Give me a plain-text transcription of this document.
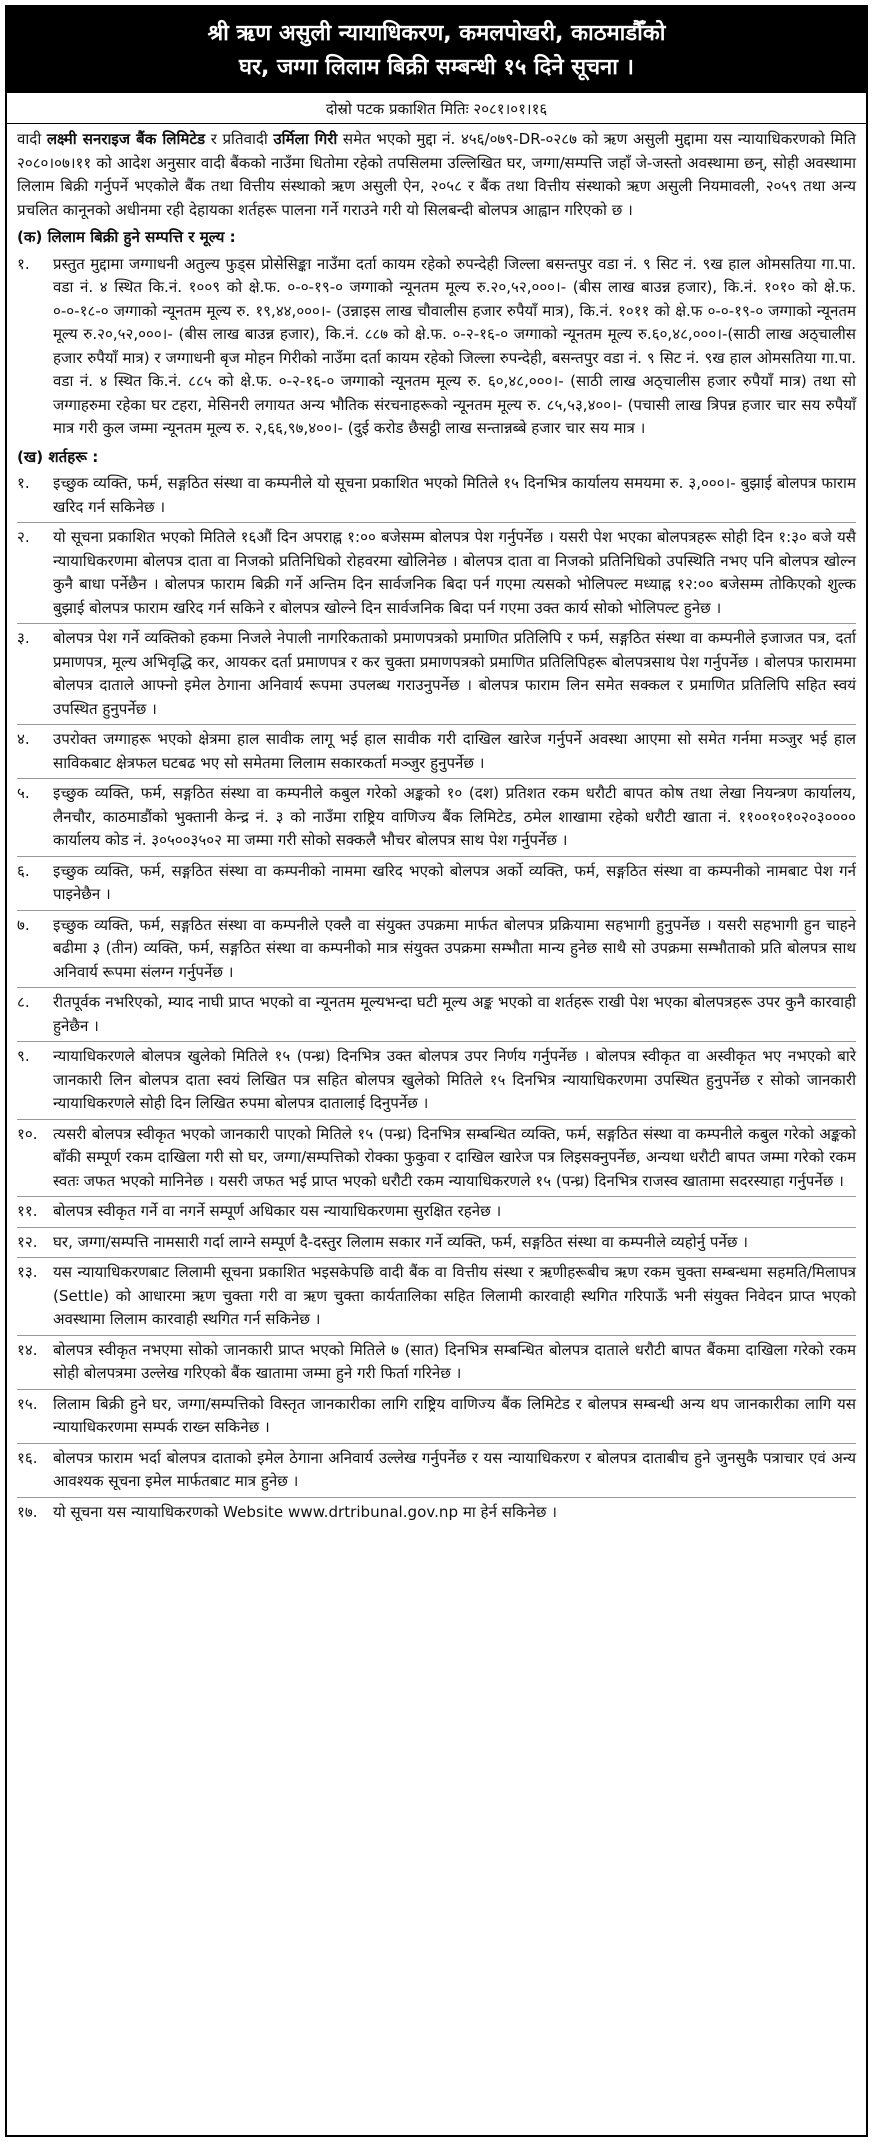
श्री ऋण असुली न्यायाधिकरण, कमलपोखरी, काठमाडौँको
घर, जग्गा लिलाम बिक्री सम्बन्धी १५ दिने सूचना ।
दोस्रो पटक प्रकाशित मितिः २०८१।०१।१६

वादी लक्ष्मी सनराइज बैंक लिमिटेड र प्रतिवादी उर्मिला गिरी समेत भएको मुद्दा नं. ४५६/०७९-DR-०२८७ को ऋण असुली मुद्दामा यस न्यायाधिकरणको मिति २०८०।०७।११ को आदेश अनुसार वादी बैंकको नाउँमा धितोमा रहेको तपसिलमा उल्लिखित घर, जग्गा/सम्पत्ति जहाँ जे-जस्तो अवस्थामा छन्, सोही अवस्थामा लिलाम बिक्री गर्नुपर्ने भएकोले बैंक तथा वित्तीय संस्थाको ऋण असुली ऐन, २०५८ र बैंक तथा वित्तीय संस्थाको ऋण असुली नियमावली, २०५९ तथा अन्य प्रचलित कानूनको अधीनमा रही देहायका शर्तहरू पालना गर्ने गराउने गरी यो सिलबन्दी बोलपत्र आह्वान गरिएको छ ।

(क) लिलाम बिक्री हुने सम्पत्ति र मूल्य :
१.	प्रस्तुत मुद्दामा जग्गाधनी अतुल्य फुड्स प्रोसेसिङ्का नाउँमा दर्ता कायम रहेको रुपन्देही जिल्ला बसन्तपुर वडा नं. ९ सिट नं. ९ख हाल ओमसतिया गा.पा. वडा नं. ४ स्थित कि.नं. १००९ को क्षे.फ. ०-०-१९-० जग्गाको न्यूनतम मूल्य रु.२०,५२,०००।- (बीस लाख बाउन्न हजार), कि.नं. १०१० को क्षे.फ. ०-०-१८-० जग्गाको न्यूनतम मूल्य रु. १९,४४,०००।- (उन्नाइस लाख चौवालीस हजार रुपैयाँ मात्र), कि.नं. १०११ को क्षे.फ ०-०-१९-० जग्गाको न्यूनतम मूल्य रु.२०,५२,०००।- (बीस लाख बाउन्न हजार), कि.नं. ८८७ को क्षे.फ. ०-२-१६-० जग्गाको न्यूनतम मूल्य रु.६०,४८,०००।-(साठी लाख अठ्चालीस हजार रुपैयाँ मात्र) र जग्गाधनी बृज मोहन गिरीको नाउँमा दर्ता कायम रहेको जिल्ला रुपन्देही, बसन्तपुर वडा नं. ९ सिट नं. ९ख हाल ओमसतिया गा.पा. वडा नं. ४ स्थित कि.नं. ८८५ को क्षे.फ. ०-२-१६-० जग्गाको न्यूनतम मूल्य रु. ६०,४८,०००।- (साठी लाख अठ्चालीस हजार रुपैयाँ मात्र) तथा सो जग्गाहरुमा रहेका घर टहरा, मेसिनरी लगायत अन्य भौतिक संरचनाहरूको न्यूनतम मूल्य रु. ८५,५३,४००।- (पचासी लाख त्रिपन्न हजार चार सय रुपैयाँ मात्र गरी कुल जम्मा न्यूनतम मूल्य रु. २,६६,९७,४००।- (दुई करोड छैसट्ठी लाख सन्तान्नब्बे हजार चार सय मात्र ।
(ख) शर्तहरू :
१.	इच्छुक व्यक्ति, फर्म, सङ्गठित संस्था वा कम्पनीले यो सूचना प्रकाशित भएको मितिले १५ दिनभित्र कार्यालय समयमा रु. ३,०००।- बुझाई बोलपत्र फाराम खरिद गर्न सकिनेछ ।
२.	यो सूचना प्रकाशित भएको मितिले १६औं दिन अपराह्न १:०० बजेसम्म बोलपत्र पेश गर्नुपर्नेछ । यसरी पेश भएका बोलपत्रहरू सोही दिन १:३० बजे यसै न्यायाधिकरणमा बोलपत्र दाता वा निजको प्रतिनिधिको रोहवरमा खोलिनेछ । बोलपत्र दाता वा निजको प्रतिनिधिको उपस्थिति नभए पनि बोलपत्र खोल्न कुनै बाधा पर्नेछैन । बोलपत्र फाराम बिक्री गर्ने अन्तिम दिन सार्वजनिक बिदा पर्न गएमा त्यसको भोलिपल्ट मध्याह्न १२:०० बजेसम्म तोकिएको शुल्क बुझाई बोलपत्र फाराम खरिद गर्न सकिने र बोलपत्र खोल्ने दिन सार्वजनिक बिदा पर्न गएमा उक्त कार्य सोको भोलिपल्ट हुनेछ ।
३.	बोलपत्र पेश गर्ने व्यक्तिको हकमा निजले नेपाली नागरिकताको प्रमाणपत्रको प्रमाणित प्रतिलिपि र फर्म, सङ्गठित संस्था वा कम्पनीले इजाजत पत्र, दर्ता प्रमाणपत्र, मूल्य अभिवृद्धि कर, आयकर दर्ता प्रमाणपत्र र कर चुक्ता प्रमाणपत्रको प्रमाणित प्रतिलिपिहरू बोलपत्रसाथ पेश गर्नुपर्नेछ । बोलपत्र फाराममा बोलपत्र दाताले आफ्नो इमेल ठेगाना अनिवार्य रूपमा उपलब्ध गराउनुपर्नेछ । बोलपत्र फाराम लिन समेत सक्कल र प्रमाणित प्रतिलिपि सहित स्वयं उपस्थित हुनुपर्नेछ ।
४.	उपरोक्त जग्गाहरू भएको क्षेत्रमा हाल सावीक लागू भई हाल सावीक गरी दाखिल खारेज गर्नुपर्ने अवस्था आएमा सो समेत गर्नमा मञ्जुर भई हाल साविकबाट क्षेत्रफल घटबढ भए सो समेतमा लिलाम सकारकर्ता मञ्जुर हुनुपर्नेछ ।
५.	इच्छुक व्यक्ति, फर्म, सङ्गठित संस्था वा कम्पनीले कबुल गरेको अङ्कको १० (दश) प्रतिशत रकम धरौटी बापत कोष तथा लेखा नियन्त्रण कार्यालय, लैनचौर, काठमाडौंको भुक्तानी केन्द्र नं. ३ को नाउँमा राष्ट्रिय वाणिज्य बैंक लिमिटेड, ठमेल शाखामा रहेको धरौटी खाता नं. ११००१०१०२०३०००० कार्यालय कोड नं. ३०५००३५०२ मा जम्मा गरी सोको सक्कलै भौचर बोलपत्र साथ पेश गर्नुपर्नेछ ।
६.	इच्छुक व्यक्ति, फर्म, सङ्गठित संस्था वा कम्पनीको नाममा खरिद भएको बोलपत्र अर्को व्यक्ति, फर्म, सङ्गठित संस्था वा कम्पनीको नामबाट पेश गर्न पाइनेछैन ।
७.	इच्छुक व्यक्ति, फर्म, सङ्गठित संस्था वा कम्पनीले एक्लै वा संयुक्त उपक्रमा मार्फत बोलपत्र प्रक्रियामा सहभागी हुनुपर्नेछ । यसरी सहभागी हुन चाहने बढीमा ३ (तीन) व्यक्ति, फर्म, सङ्गठित संस्था वा कम्पनीको मात्र संयुक्त उपक्रमा सम्भौता मान्य हुनेछ साथै सो उपक्रमा सम्भौताको प्रति बोलपत्र साथ अनिवार्य रूपमा संलग्न गर्नुपर्नेछ ।
८.	रीतपूर्वक नभरिएको, म्याद नाघी प्राप्त भएको वा न्यूनतम मूल्यभन्दा घटी मूल्य अङ्क भएको वा शर्तहरू राखी पेश भएका बोलपत्रहरू उपर कुनै कारवाही हुनेछैन ।
९.	न्यायाधिकरणले बोलपत्र खुलेको मितिले १५ (पन्ध्र) दिनभित्र उक्त बोलपत्र उपर निर्णय गर्नुपर्नेछ । बोलपत्र स्वीकृत वा अस्वीकृत भए नभएको बारे जानकारी लिन बोलपत्र दाता स्वयं लिखित पत्र सहित बोलपत्र खुलेको मितिले १५ दिनभित्र न्यायाधिकरणमा उपस्थित हुनुपर्नेछ र सोको जानकारी न्यायाधिकरणले सोही दिन लिखित रुपमा बोलपत्र दातालाई दिनुपर्नेछ ।
१०.	त्यसरी बोलपत्र स्वीकृत भएको जानकारी पाएको मितिले १५ (पन्ध्र) दिनभित्र सम्बन्धित व्यक्ति, फर्म, सङ्गठित संस्था वा कम्पनीले कबुल गरेको अङ्कको बाँकी सम्पूर्ण रकम दाखिला गरी सो घर, जग्गा/सम्पत्तिको रोक्का फुकुवा र दाखिल खारेज पत्र लिइसक्नुपर्नेछ, अन्यथा धरौटी बापत जम्मा गरेको रकम स्वतः जफत भएको मानिनेछ । यसरी जफत भई प्राप्त भएको धरौटी रकम न्यायाधिकरणले १५ (पन्ध्र) दिनभित्र राजस्व खातामा सदरस्याहा गर्नुपर्नेछ ।
११.	बोलपत्र स्वीकृत गर्ने वा नगर्ने सम्पूर्ण अधिकार यस न्यायाधिकरणमा सुरक्षित रहनेछ ।
१२.	घर, जग्गा/सम्पत्ति नामसारी गर्दा लाग्ने सम्पूर्ण दै-दस्तुर लिलाम सकार गर्ने व्यक्ति, फर्म, सङ्गठित संस्था वा कम्पनीले व्यहोर्नु पर्नेछ ।
१३.	यस न्यायाधिकरणबाट लिलामी सूचना प्रकाशित भइसकेपछि वादी बैंक वा वित्तीय संस्था र ऋणीहरूबीच ऋण रकम चुक्ता सम्बन्धमा सहमति/मिलापत्र (Settle) को आधारमा ऋण चुक्ता गरी वा ऋण चुक्ता कार्यतालिका सहित लिलामी कारवाही स्थगित गरिपाऊँ भनी संयुक्त निवेदन प्राप्त भएको अवस्थामा लिलाम कारवाही स्थगित गर्न सकिनेछ ।
१४.	बोलपत्र स्वीकृत नभएमा सोको जानकारी प्राप्त भएको मितिले ७ (सात) दिनभित्र सम्बन्धित बोलपत्र दाताले धरौटी बापत बैंकमा दाखिला गरेको रकम सोही बोलपत्रमा उल्लेख गरिएको बैंक खातामा जम्मा हुने गरी फिर्ता गरिनेछ ।
१५.	लिलाम बिक्री हुने घर, जग्गा/सम्पत्तिको विस्तृत जानकारीका लागि राष्ट्रिय वाणिज्य बैंक लिमिटेड र बोलपत्र सम्बन्धी अन्य थप जानकारीका लागि यस न्यायाधिकरणमा सम्पर्क राख्न सकिनेछ ।
१६.	बोलपत्र फाराम भर्दा बोलपत्र दाताको इमेल ठेगाना अनिवार्य उल्लेख गर्नुपर्नेछ र यस न्यायाधिकरण र बोलपत्र दाताबीच हुने जुनसुकै पत्राचार एवं अन्य आवश्यक सूचना इमेल मार्फतबाट मात्र हुनेछ ।
१७.	यो सूचना यस न्यायाधिकरणको Website www.drtribunal.gov.np मा हेर्न सकिनेछ ।
